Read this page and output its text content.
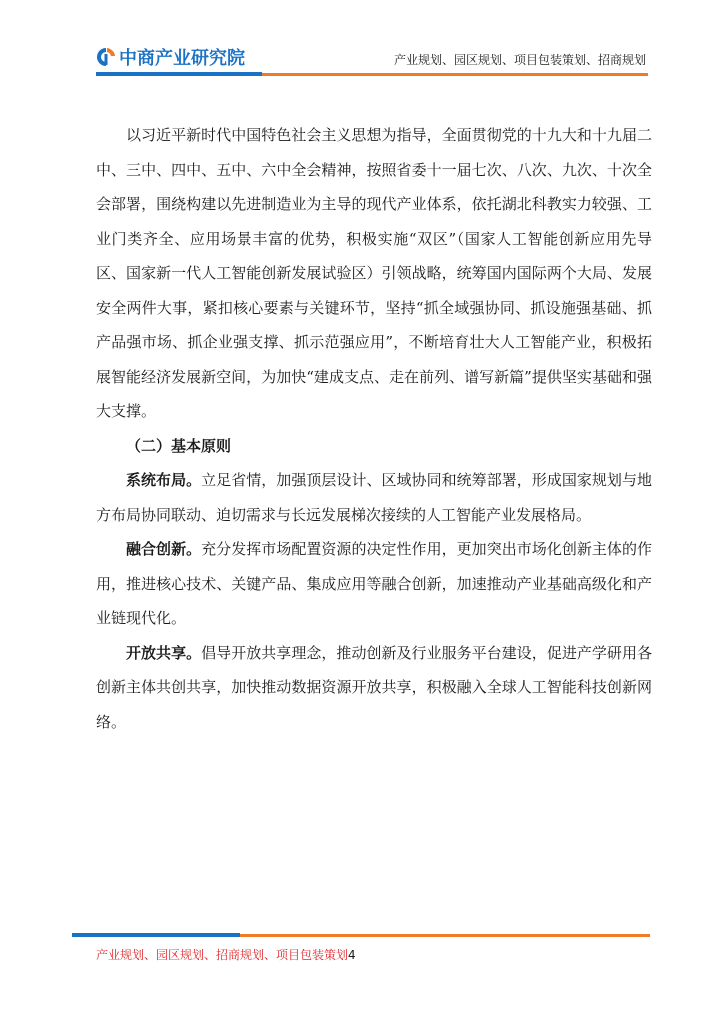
中商产业研究院	产业规划、园区规划、项目包装策划、招商规划

以习近平新时代中国特色社会主义思想为指导，全面贯彻党的十九大和十九届二中、三中、四中、五中、六中全会精神，按照省委十一届七次、八次、九次、十次全会部署，围绕构建以先进制造业为主导的现代产业体系，依托湖北科教实力较强、工业门类齐全、应用场景丰富的优势，积极实施“双区”（国家人工智能创新应用先导区、国家新一代人工智能创新发展试验区）引领战略，统筹国内国际两个大局、发展安全两件大事，紧扣核心要素与关键环节，坚持“抓全域强协同、抓设施强基础、抓产品强市场、抓企业强支撑、抓示范强应用”，不断培育壮大人工智能产业，积极拓展智能经济发展新空间，为加快“建成支点、走在前列、谱写新篇”提供坚实基础和强大支撑。

（二）基本原则

系统布局。立足省情，加强顶层设计、区域协同和统筹部署，形成国家规划与地方布局协同联动、迫切需求与长远发展梯次接续的人工智能产业发展格局。

融合创新。充分发挥市场配置资源的决定性作用，更加突出市场化创新主体的作用，推进核心技术、关键产品、集成应用等融合创新，加速推动产业基础高级化和产业链现代化。

开放共享。倡导开放共享理念，推动创新及行业服务平台建设，促进产学研用各创新主体共创共享，加快推动数据资源开放共享，积极融入全球人工智能科技创新网络。

产业规划、园区规划、招商规划、项目包装策划4
